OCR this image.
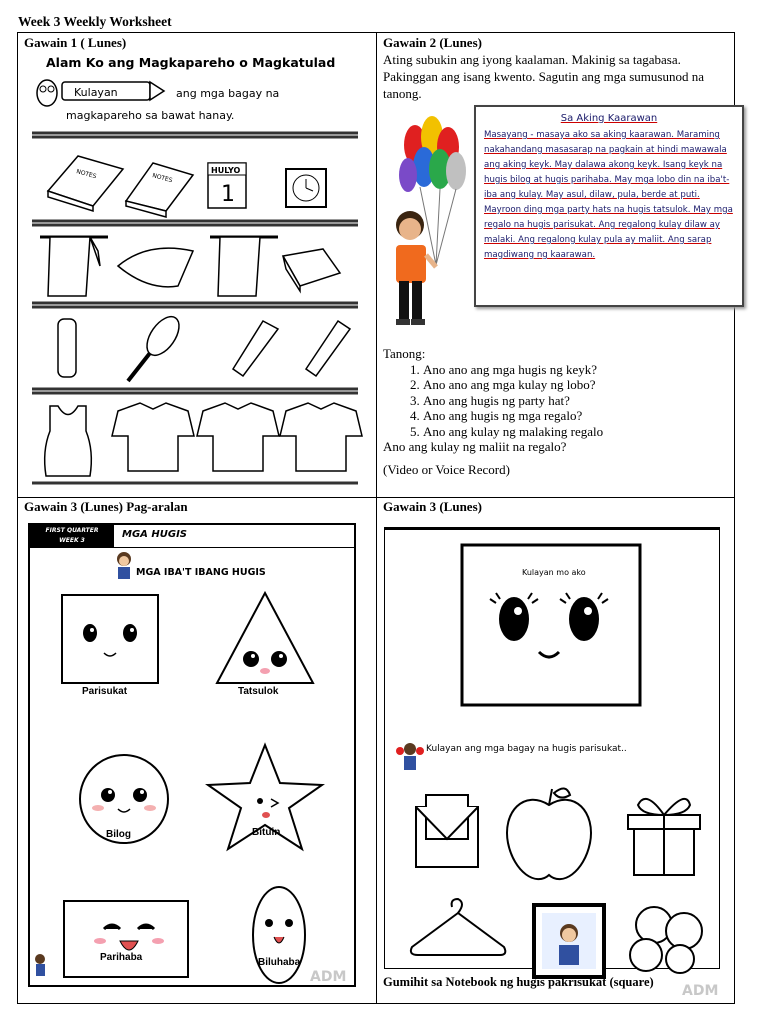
Week 3 Weekly Worksheet
Gawain 1 ( Lunes)
Alam Ko ang Magkapareho o Magkatulad
Kulayan	ang mga bagay na
magkapareho sa bawat hanay.
NOTES	NOTES
HULYO
1
Gawain 2 (Lunes)
Ating subukin ang iyong kaalaman. Makinig sa tagabasa. Pakinggan ang isang kwento. Sagutin ang mga sumusunod na tanong.
Sa Aking Kaarawan
Masayang - masaya ako sa aking kaarawan. Maraming nakahandang masasarap na pagkain at hindi mawawala ang aking keyk. May dalawa akong keyk. Isang keyk na hugis bilog at hugis parihaba. May mga lobo din na iba't-iba ang kulay. May asul, dilaw, pula, berde at puti. Mayroon ding mga party hats na hugis tatsulok. May mga regalo na hugis parisukat. Ang regalong kulay dilaw ay malaki. Ang regalong kulay pula ay maliit. Ang sarap magdiwang ng kaarawan.
Tanong:
1. Ano ano ang mga hugis ng keyk?
2. Ano ano ang mga kulay ng lobo?
3. Ano ang hugis ng party hat?
4. Ano ang hugis ng mga regalo?
5. Ano ang kulay ng malaking regalo
Ano ang kulay ng maliit na regalo?
(Video or Voice Record)
Gawain 3 (Lunes) Pag-aralan
FIRST QUARTER
WEEK 3
MGA HUGIS
MGA IBA'T IBANG HUGIS
ADM
Parisukat	Tatsulok
Bilog	Bituin
Parihaba	Biluhaba
Gawain 3 (Lunes)
Kulayan mo ako
Kulayan ang mga bagay na hugis parisukat..
ADM
Gumihit sa Notebook ng hugis pakrisukat (square)
